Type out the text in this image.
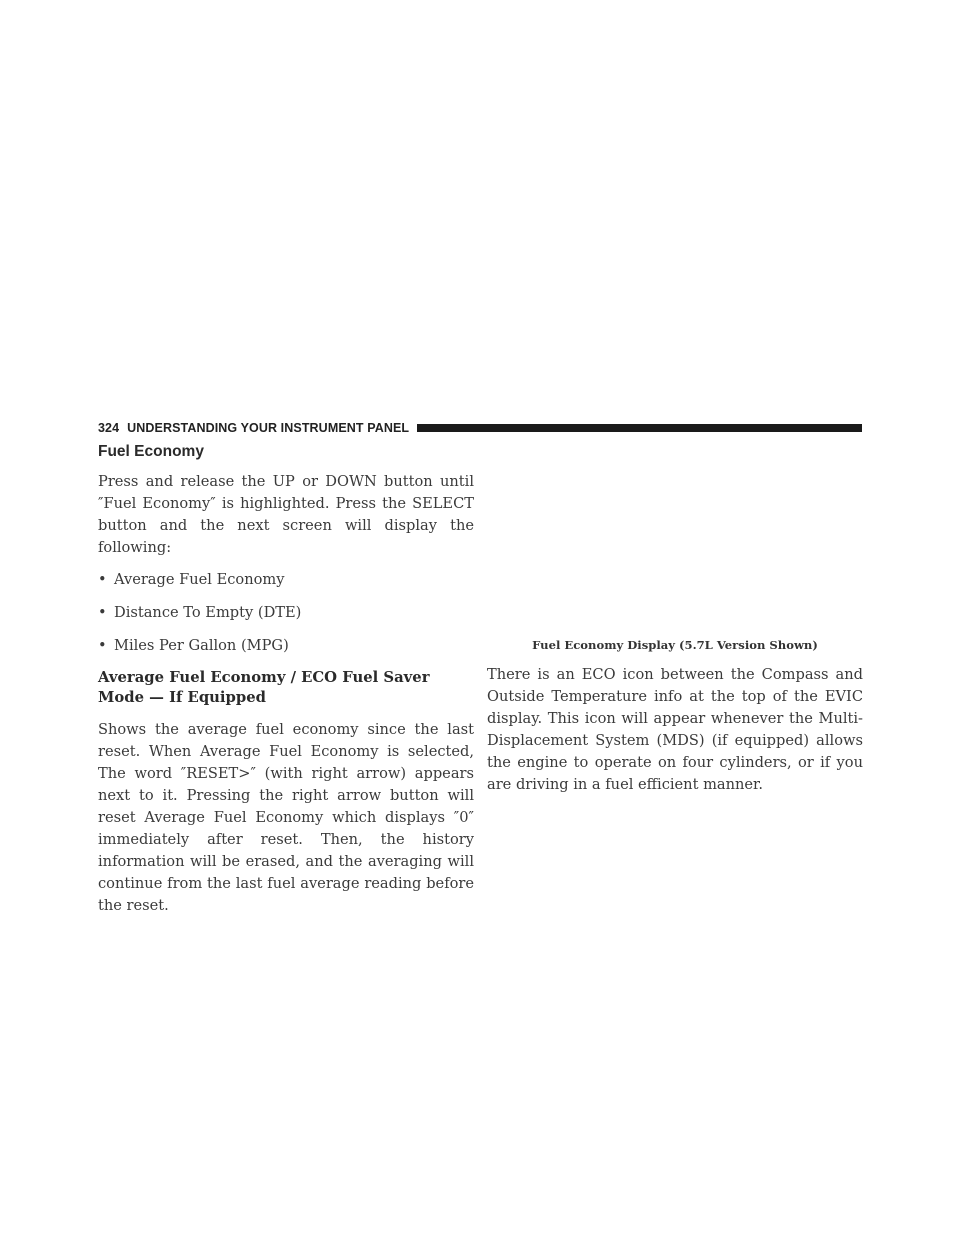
324 UNDERSTANDING YOUR INSTRUMENT PANEL
Fuel Economy

Press and release the UP or DOWN button until ″Fuel Economy″ is highlighted. Press the SELECT button and the next screen will display the following:

• Average Fuel Economy
• Distance To Empty (DTE)
• Miles Per Gallon (MPG)
Average Fuel Economy / ECO Fuel Saver Mode — If Equipped

Shows the average fuel economy since the last reset. When Average Fuel Economy is selected, The word ″RESET>″ (with right arrow) appears next to it. Pressing the right arrow button will reset Average Fuel Economy which displays ″0″ immediately after reset. Then, the history information will be erased, and the averaging will continue from the last fuel average reading before the reset.

Fuel Economy Display (5.7L Version Shown)

There is an ECO icon between the Compass and Outside Temperature info at the top of the EVIC display. This icon will appear whenever the Multi-Displacement System (MDS) (if equipped) allows the engine to operate on four cylinders, or if you are driving in a fuel efficient manner.
